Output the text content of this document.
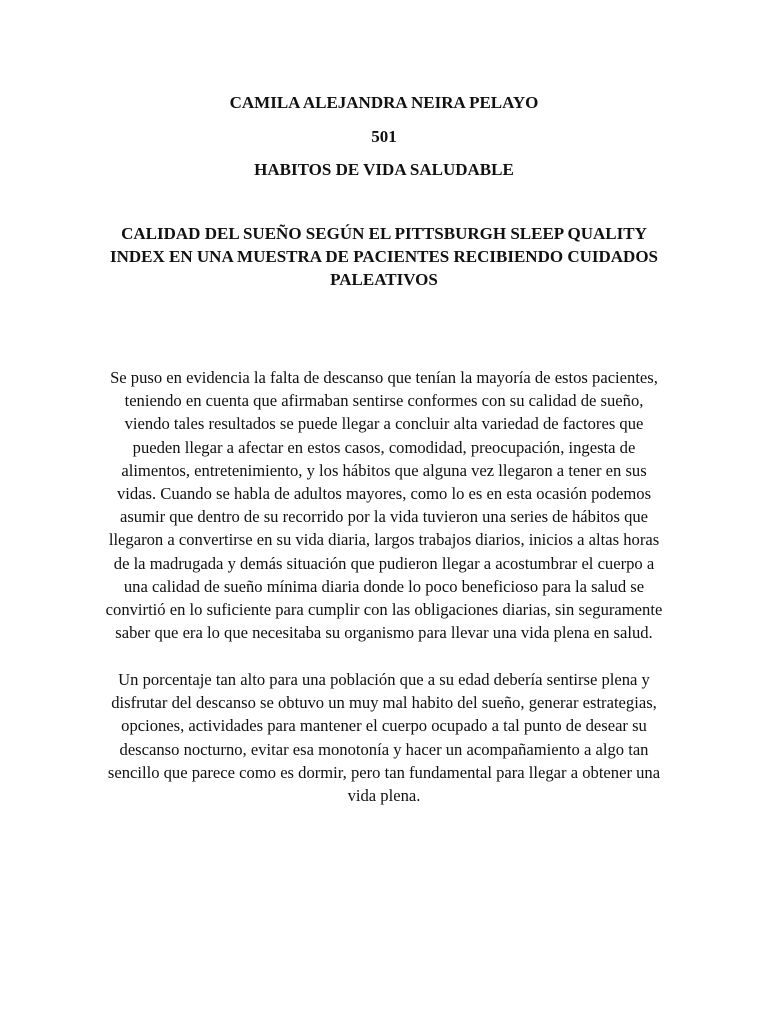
CAMILA ALEJANDRA NEIRA PELAYO

501

HABITOS DE VIDA SALUDABLE

CALIDAD DEL SUEÑO SEGÚN EL PITTSBURGH SLEEP QUALITY INDEX EN UNA MUESTRA DE PACIENTES RECIBIENDO CUIDADOS PALEATIVOS

Se puso en evidencia la falta de descanso que tenían la mayoría de estos pacientes, teniendo en cuenta que afirmaban sentirse conformes con su calidad de sueño, viendo tales resultados se puede llegar a concluir alta variedad de factores que pueden llegar a afectar en estos casos, comodidad, preocupación, ingesta de alimentos, entretenimiento, y los hábitos que alguna vez llegaron a tener en sus vidas. Cuando se habla de adultos mayores, como lo es en esta ocasión podemos asumir que dentro de su recorrido por la vida tuvieron una series de hábitos que llegaron a convertirse en su vida diaria, largos trabajos diarios, inicios a altas horas de la madrugada y demás situación que pudieron llegar a acostumbrar el cuerpo a una calidad de sueño mínima diaria donde lo poco beneficioso para la salud se convirtió en lo suficiente para cumplir con las obligaciones diarias, sin seguramente saber que era lo que necesitaba su organismo para llevar una vida plena en salud.

Un porcentaje tan alto para una población que a su edad debería sentirse plena y disfrutar del descanso se obtuvo un muy mal habito del sueño, generar estrategias, opciones, actividades para mantener el cuerpo ocupado a tal punto de desear su descanso nocturno, evitar esa monotonía y hacer un acompañamiento a algo tan sencillo que parece como es dormir, pero tan fundamental para llegar a obtener una vida plena.
